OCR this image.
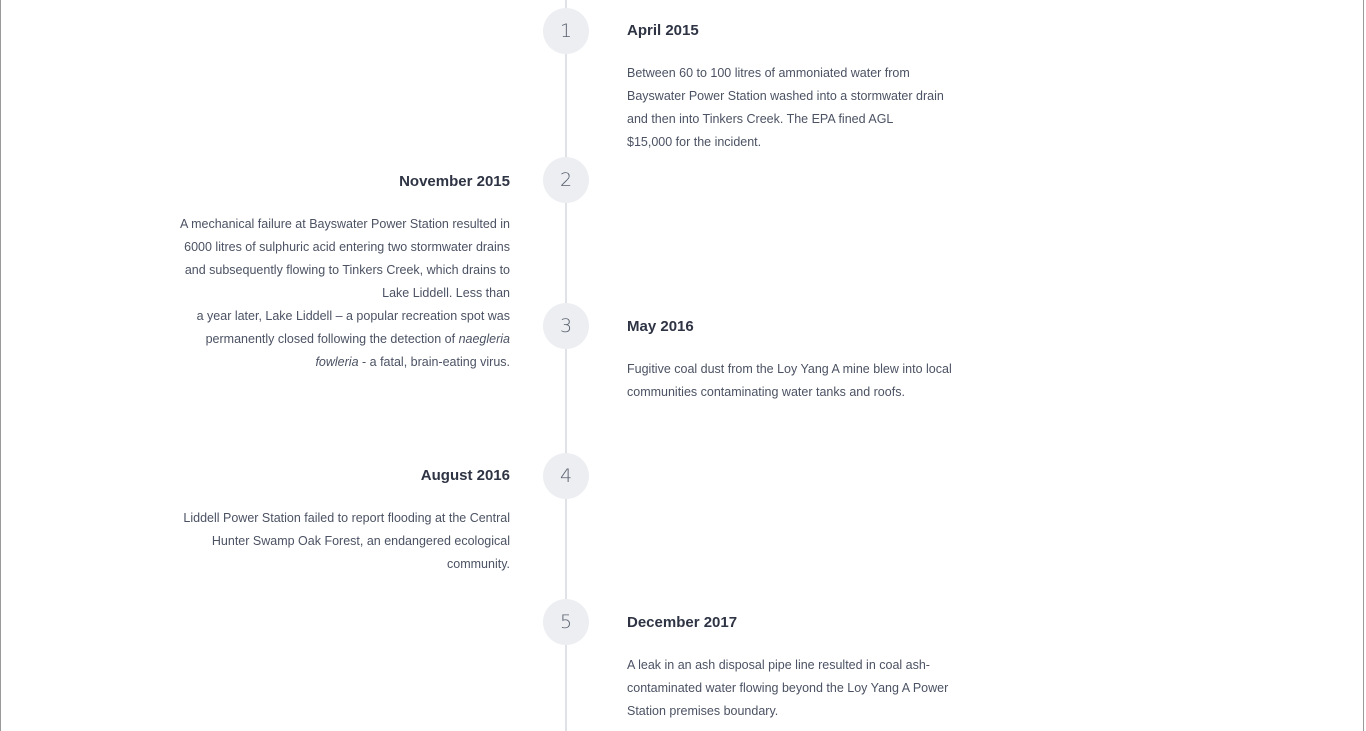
1	April 2015

Between 60 to 100 litres of ammoniated water from
Bayswater Power Station washed into a stormwater drain
and then into Tinkers Creek. The EPA fined AGL
$15,000 for the incident.

2
November 2015

A mechanical failure at Bayswater Power Station resulted in
6000 litres of sulphuric acid entering two stormwater drains
and subsequently flowing to Tinkers Creek, which drains to
Lake Liddell. Less than
a year later, Lake Liddell – a popular recreation spot was
permanently closed following the detection of naegleria
fowleria - a fatal, brain-eating virus.

3	May 2016

Fugitive coal dust from the Loy Yang A mine blew into local
communities contaminating water tanks and roofs.

4
August 2016

Liddell Power Station failed to report flooding at the Central
Hunter Swamp Oak Forest, an endangered ecological
community.

5	December 2017

A leak in an ash disposal pipe line resulted in coal ash-
contaminated water flowing beyond the Loy Yang A Power
Station premises boundary.
